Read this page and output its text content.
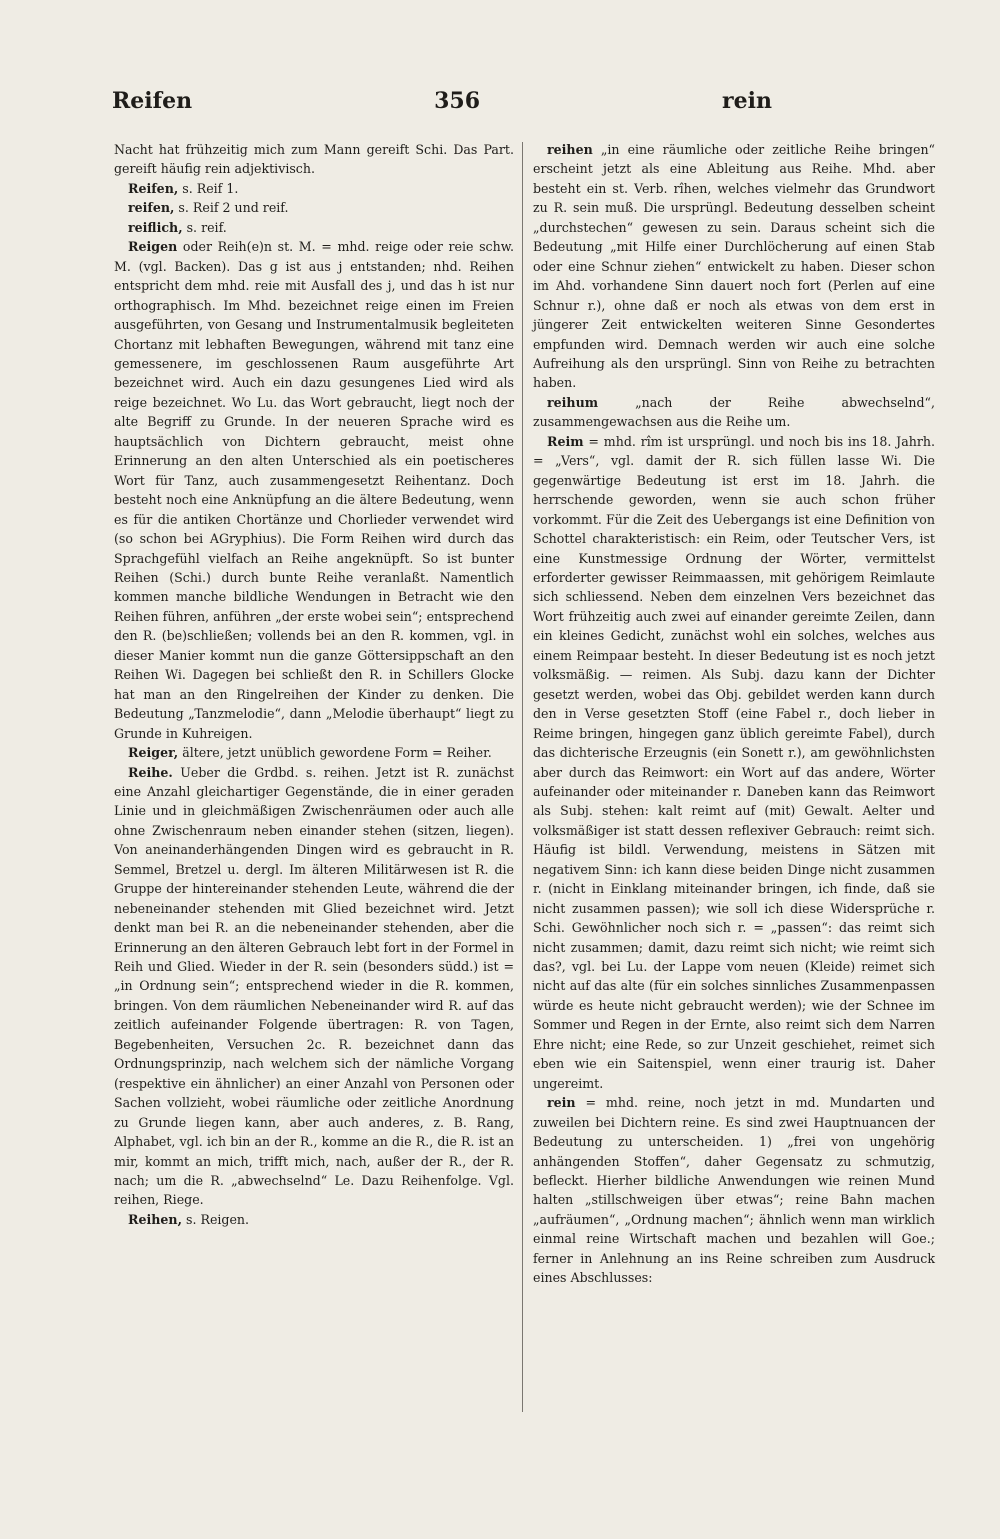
Reifen	356	rein

Nacht hat frühzeitig mich zum Mann gereift Schi. Das Part. gereift häufig rein adjektivisch.

Reifen, s. Reif 1.

reifen, s. Reif 2 und reif.

reiflich, s. reif.

Reigen oder Reih(e)n st. M. = mhd. reige oder reie schw. M. (vgl. Backen). Das g ist aus j entstanden; nhd. Reihen entspricht dem mhd. reie mit Ausfall des j, und das h ist nur orthographisch. Im Mhd. bezeichnet reige einen im Freien ausgeführten, von Gesang und Instrumentalmusik begleiteten Chortanz mit lebhaften Bewegungen, während mit tanz eine gemessenere, im geschlossenen Raum ausgeführte Art bezeichnet wird. Auch ein dazu gesungenes Lied wird als reige bezeichnet. Wo Lu. das Wort gebraucht, liegt noch der alte Begriff zu Grunde. In der neueren Sprache wird es hauptsächlich von Dichtern gebraucht, meist ohne Erinnerung an den alten Unterschied als ein poetischeres Wort für Tanz, auch zusammengesetzt Reihentanz. Doch besteht noch eine Anknüpfung an die ältere Bedeutung, wenn es für die antiken Chortänze und Chorlieder verwendet wird (so schon bei AGryphius). Die Form Reihen wird durch das Sprachgefühl vielfach an Reihe angeknüpft. So ist bunter Reihen (Schi.) durch bunte Reihe veranlaßt. Namentlich kommen manche bildliche Wendungen in Betracht wie den Reihen führen, anführen „der erste wobei sein“; entsprechend den R. (be)schließen; vollends bei an den R. kommen, vgl. in dieser Manier kommt nun die ganze Göttersippschaft an den Reihen Wi. Dagegen bei schließt den R. in Schillers Glocke hat man an den Ringelreihen der Kinder zu denken. Die Bedeutung „Tanzmelodie“, dann „Melodie überhaupt“ liegt zu Grunde in Kuhreigen.

Reiger, ältere, jetzt unüblich gewordene Form = Reiher.

Reihe. Ueber die Grdbd. s. reihen. Jetzt ist R. zunächst eine Anzahl gleichartiger Gegenstände, die in einer geraden Linie und in gleichmäßigen Zwischenräumen oder auch alle ohne Zwischenraum neben einander stehen (sitzen, liegen). Von aneinanderhängenden Dingen wird es gebraucht in R. Semmel, Bretzel u. dergl. Im älteren Militärwesen ist R. die Gruppe der hintereinander stehenden Leute, während die der nebeneinander stehenden mit Glied bezeichnet wird. Jetzt denkt man bei R. an die nebeneinander stehenden, aber die Erinnerung an den älteren Gebrauch lebt fort in der Formel in Reih und Glied. Wieder in der R. sein (besonders südd.) ist = „in Ordnung sein“; entsprechend wieder in die R. kommen, bringen. Von dem räumlichen Nebeneinander wird R. auf das zeitlich aufeinander Folgende übertragen: R. von Tagen, Begebenheiten, Versuchen 2c. R. bezeichnet dann das Ordnungsprinzip, nach welchem sich der nämliche Vorgang (respektive ein ähnlicher) an einer Anzahl von Personen oder Sachen vollzieht, wobei räumliche oder zeitliche Anordnung zu Grunde liegen kann, aber auch anderes, z. B. Rang, Alphabet, vgl. ich bin an der R., komme an die R., die R. ist an mir, kommt an mich, trifft mich, nach, außer der R., der R. nach; um die R. „abwechselnd“ Le. Dazu Reihenfolge. Vgl. reihen, Riege.

Reihen, s. Reigen.

reihen „in eine räumliche oder zeitliche Reihe bringen“ erscheint jetzt als eine Ableitung aus Reihe. Mhd. aber besteht ein st. Verb. rîhen, welches vielmehr das Grundwort zu R. sein muß. Die ursprüngl. Bedeutung desselben scheint „durchstechen“ gewesen zu sein. Daraus scheint sich die Bedeutung „mit Hilfe einer Durchlöcherung auf einen Stab oder eine Schnur ziehen“ entwickelt zu haben. Dieser schon im Ahd. vorhandene Sinn dauert noch fort (Perlen auf eine Schnur r.), ohne daß er noch als etwas von dem erst in jüngerer Zeit entwickelten weiteren Sinne Gesondertes empfunden wird. Demnach werden wir auch eine solche Aufreihung als den ursprüngl. Sinn von Reihe zu betrachten haben.

reihum „nach der Reihe abwechselnd“, zusammengewachsen aus die Reihe um.

Reim = mhd. rîm ist ursprüngl. und noch bis ins 18. Jahrh. = „Vers“, vgl. damit der R. sich füllen lasse Wi. Die gegenwärtige Bedeutung ist erst im 18. Jahrh. die herrschende geworden, wenn sie auch schon früher vorkommt. Für die Zeit des Uebergangs ist eine Definition von Schottel charakteristisch: ein Reim, oder Teutscher Vers, ist eine Kunstmessige Ordnung der Wörter, vermittelst erforderter gewisser Reimmaassen, mit gehörigem Reimlaute sich schliessend. Neben dem einzelnen Vers bezeichnet das Wort frühzeitig auch zwei auf einander gereimte Zeilen, dann ein kleines Gedicht, zunächst wohl ein solches, welches aus einem Reimpaar besteht. In dieser Bedeutung ist es noch jetzt volksmäßig. — reimen. Als Subj. dazu kann der Dichter gesetzt werden, wobei das Obj. gebildet werden kann durch den in Verse gesetzten Stoff (eine Fabel r., doch lieber in Reime bringen, hingegen ganz üblich gereimte Fabel), durch das dichterische Erzeugnis (ein Sonett r.), am gewöhnlichsten aber durch das Reimwort: ein Wort auf das andere, Wörter aufeinander oder miteinander r. Daneben kann das Reimwort als Subj. stehen: kalt reimt auf (mit) Gewalt. Aelter und volksmäßiger ist statt dessen reflexiver Gebrauch: reimt sich. Häufig ist bildl. Verwendung, meistens in Sätzen mit negativem Sinn: ich kann diese beiden Dinge nicht zusammen r. (nicht in Einklang miteinander bringen, ich finde, daß sie nicht zusammen passen); wie soll ich diese Widersprüche r. Schi. Gewöhnlicher noch sich r. = „passen“: das reimt sich nicht zusammen; damit, dazu reimt sich nicht; wie reimt sich das?, vgl. bei Lu. der Lappe vom neuen (Kleide) reimet sich nicht auf das alte (für ein solches sinnliches Zusammenpassen würde es heute nicht gebraucht werden); wie der Schnee im Sommer und Regen in der Ernte, also reimt sich dem Narren Ehre nicht; eine Rede, so zur Unzeit geschiehet, reimet sich eben wie ein Saitenspiel, wenn einer traurig ist. Daher ungereimt.

rein = mhd. reine, noch jetzt in md. Mundarten und zuweilen bei Dichtern reine. Es sind zwei Hauptnuancen der Bedeutung zu unterscheiden. 1) „frei von ungehörig anhängenden Stoffen“, daher Gegensatz zu schmutzig, befleckt. Hierher bildliche Anwendungen wie reinen Mund halten „stillschweigen über etwas“; reine Bahn machen „aufräumen“, „Ordnung machen“; ähnlich wenn man wirklich einmal reine Wirtschaft machen und bezahlen will Goe.; ferner in Anlehnung an ins Reine schreiben zum Ausdruck eines Abschlusses:
